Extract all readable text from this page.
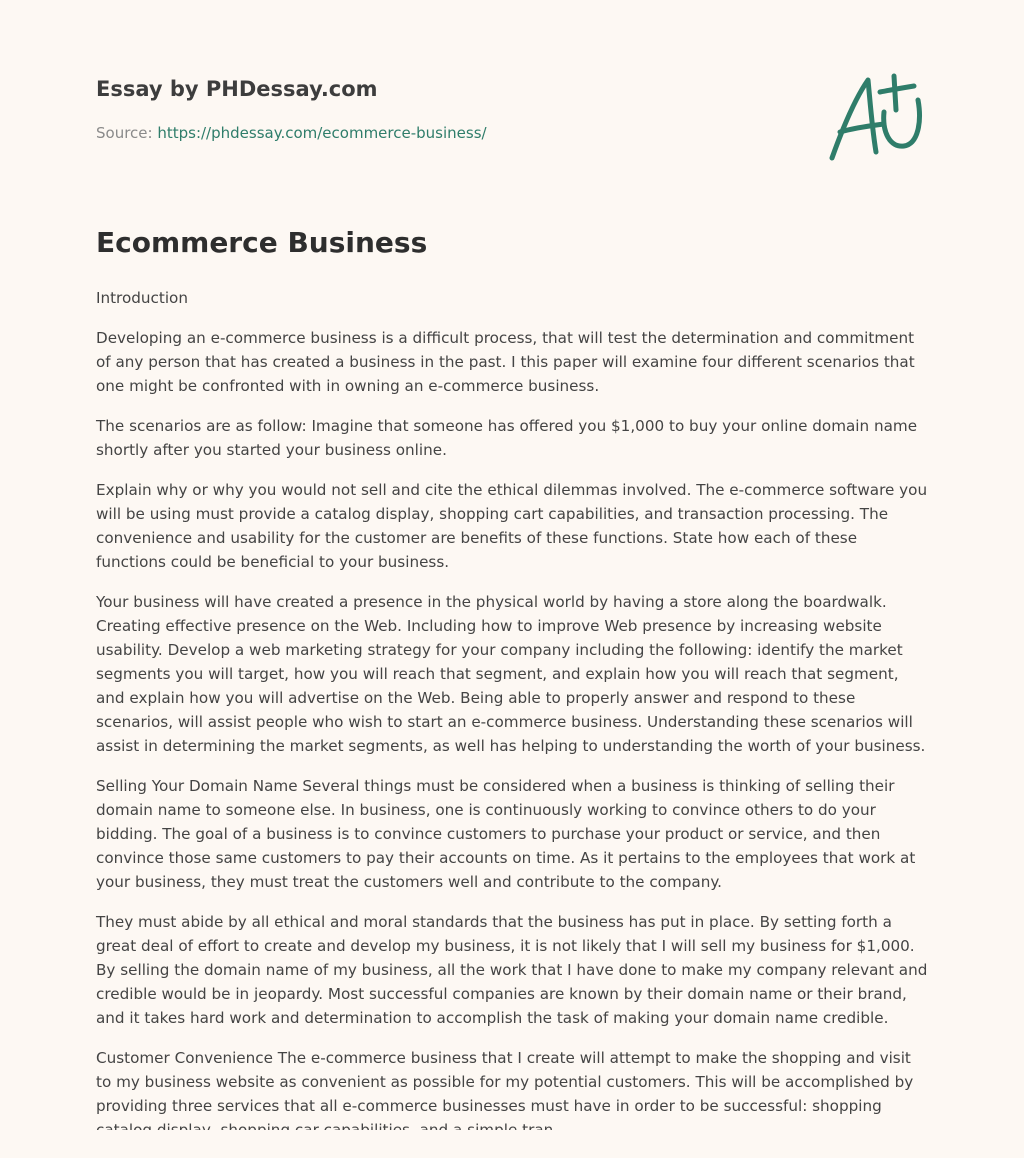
Essay by PHDessay.com
Source: https://phdessay.com/ecommerce-business/
Ecommerce Business

Introduction

Developing an e-commerce business is a difficult process, that will test the determination and commitment of any person that has created a business in the past. I this paper will examine four different scenarios that one might be confronted with in owning an e-commerce business.

The scenarios are as follow: Imagine that someone has offered you $1,000 to buy your online domain name shortly after you started your business online.

Explain why or why you would not sell and cite the ethical dilemmas involved. The e-commerce software you will be using must provide a catalog display, shopping cart capabilities, and transaction processing. The convenience and usability for the customer are benefits of these functions. State how each of these functions could be beneficial to your business.

Your business will have created a presence in the physical world by having a store along the boardwalk. Creating effective presence on the Web. Including how to improve Web presence by increasing website usability. Develop a web marketing strategy for your company including the following: identify the market segments you will target, how you will reach that segment, and explain how you will reach that segment, and explain how you will advertise on the Web. Being able to properly answer and respond to these scenarios, will assist people who wish to start an e-commerce business. Understanding these scenarios will assist in determining the market segments, as well has helping to understanding the worth of your business.

Selling Your Domain Name Several things must be considered when a business is thinking of selling their domain name to someone else. In business, one is continuously working to convince others to do your bidding. The goal of a business is to convince customers to purchase your product or service, and then convince those same customers to pay their accounts on time. As it pertains to the employees that work at your business, they must treat the customers well and contribute to the company.

They must abide by all ethical and moral standards that the business has put in place. By setting forth a great deal of effort to create and develop my business, it is not likely that I will sell my business for $1,000. By selling the domain name of my business, all the work that I have done to make my company relevant and credible would be in jeopardy. Most successful companies are known by their domain name or their brand, and it takes hard work and determination to accomplish the task of making your domain name credible.

Customer Convenience The e-commerce business that I create will attempt to make the shopping and visit to my business website as convenient as possible for my potential customers. This will be accomplished by providing three services that all e-commerce businesses must have in order to be successful: shopping
